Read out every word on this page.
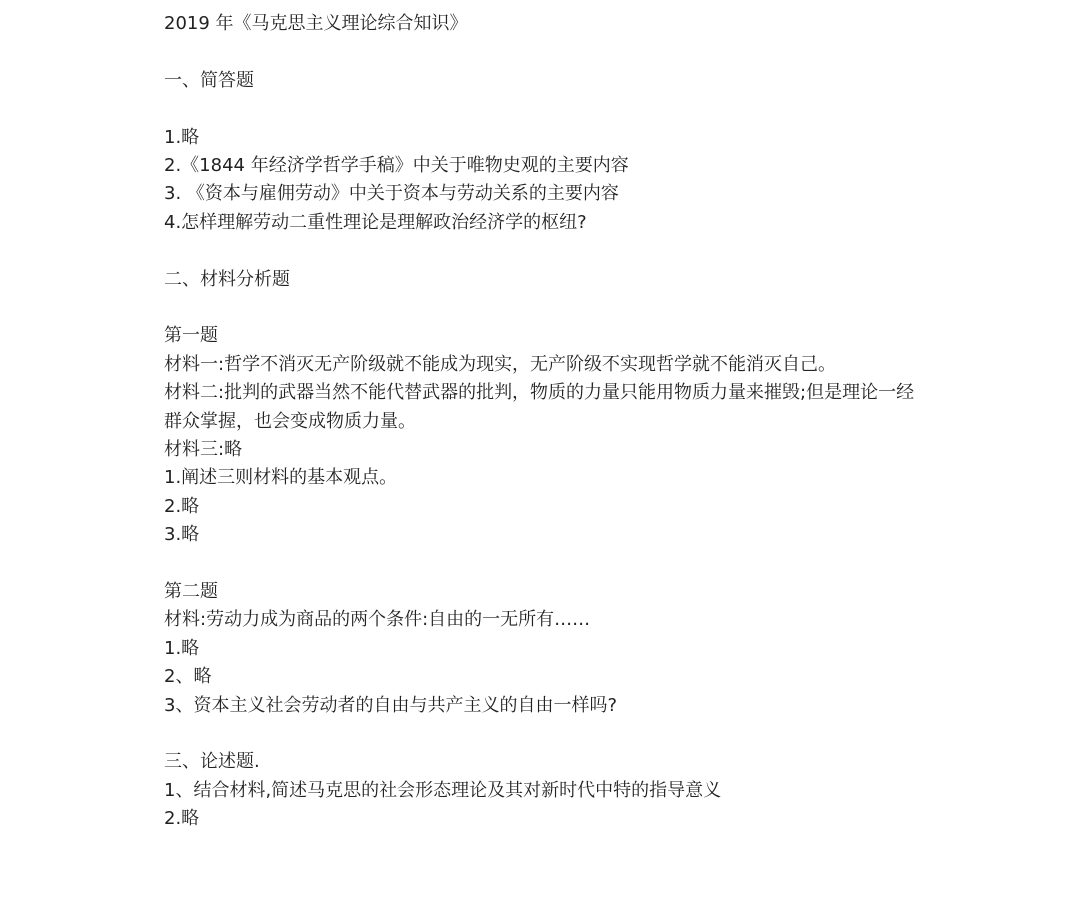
2019 年《马克思主义理论综合知识》
一、简答题
1.略
2.《1844 年经济学哲学手稿》中关于唯物史观的主要内容
3. 《资本与雇佣劳动》中关于资本与劳动关系的主要内容
4.怎样理解劳动二重性理论是理解政治经济学的枢纽?
二、材料分析题
第一题
材料一:哲学不消灭无产阶级就不能成为现实，无产阶级不实现哲学就不能消灭自己。
材料二:批判的武器当然不能代替武器的批判，物质的力量只能用物质力量来摧毁;但是理论一经群众掌握，也会变成物质力量。
材料三:略
1.阐述三则材料的基本观点。
2.略
3.略
第二题
材料:劳动力成为商品的两个条件:自由的一无所有……
1.略
2、略
3、资本主义社会劳动者的自由与共产主义的自由一样吗?
三、论述题.
1、结合材料,简述马克思的社会形态理论及其对新时代中特的指导意义
2.略
